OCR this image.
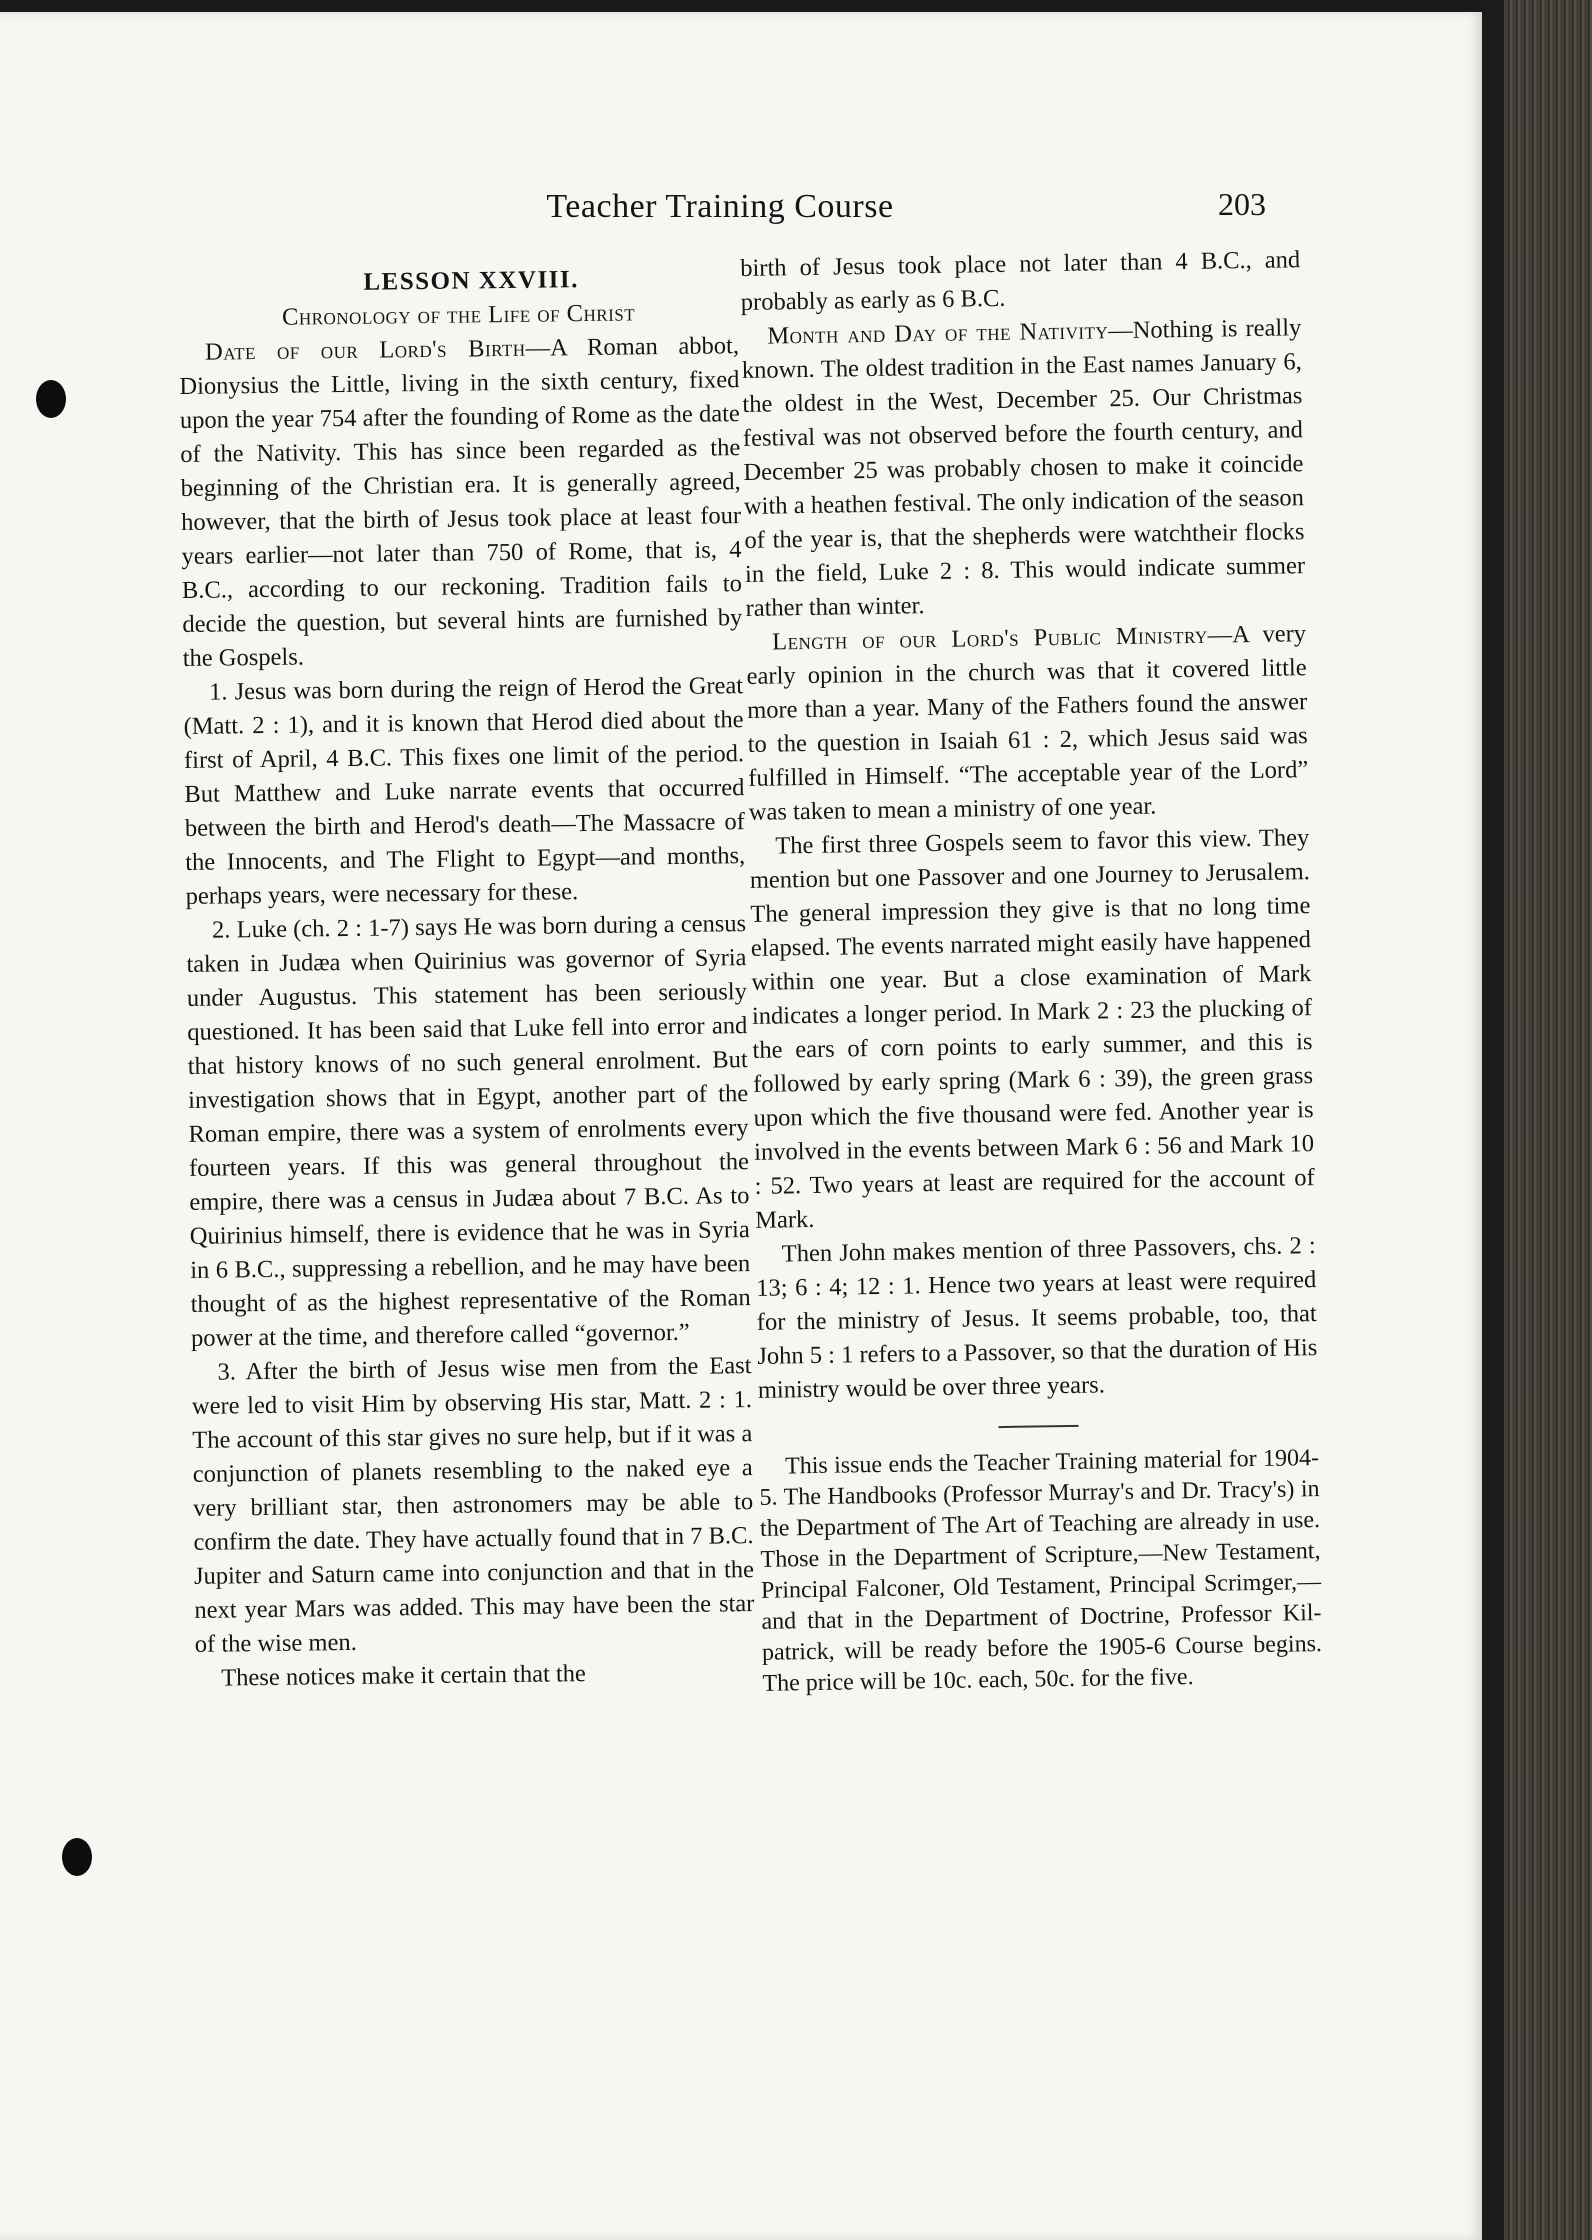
Teacher Training Course	203

LESSON XXVIII.

Chronology of the Life of Christ

Date of our Lord's Birth—A Roman abbot, Dionysius the Little, living in the sixth century, fixed upon the year 754 after the founding of Rome as the date of the Nativity. This has since been regarded as the beginning of the Christian era. It is generally agreed, however, that the birth of Jesus took place at least four years earlier—not later than 750 of Rome, that is, 4 B.C., according to our reckoning. Tradition fails to decide the question, but several hints are furnished by the Gospels.

1. Jesus was born during the reign of Herod the Great (Matt. 2 : 1), and it is known that Herod died about the first of April, 4 B.C. This fixes one limit of the period. But Matthew and Luke narrate events that occurred between the birth and Herod's death—The Massacre of the Innocents, and The Flight to Egypt—and months, perhaps years, were necessary for these.

2. Luke (ch. 2 : 1-7) says He was born during a census taken in Judæa when Quirinius was governor of Syria under Augustus. This statement has been seriously questioned. It has been said that Luke fell into error and that history knows of no such general enrolment. But investigation shows that in Egypt, another part of the Roman empire, there was a system of enrolments every fourteen years. If this was general throughout the empire, there was a census in Judæa about 7 B.C. As to Quirinius himself, there is evidence that he was in Syria in 6 B.C., suppressing a rebellion, and he may have been thought of as the highest representative of the Roman power at the time, and therefore called “governor.”

3. After the birth of Jesus wise men from the East were led to visit Him by observing His star, Matt. 2 : 1. The account of this star gives no sure help, but if it was a conjunction of planets resembling to the naked eye a very brilliant star, then astronomers may be able to confirm the date. They have actually found that in 7 B.C. Jupiter and Saturn came into conjunction and that in the next year Mars was added. This may have been the star of the wise men.

These notices make it certain that the

birth of Jesus took place not later than 4 B.C., and probably as early as 6 B.C.

Month and Day of the Nativity—Nothing is really known. The oldest tradition in the East names January 6, the oldest in the West, December 25. Our Christmas festival was not observed before the fourth century, and December 25 was probably chosen to make it coincide with a heathen festival. The only indication of the season of the year is, that the shepherds were watchtheir flocks in the field, Luke 2 : 8. This would indicate summer rather than winter.

Length of our Lord's Public Ministry—A very early opinion in the church was that it covered little more than a year. Many of the Fathers found the answer to the question in Isaiah 61 : 2, which Jesus said was fulfilled in Himself. “The acceptable year of the Lord” was taken to mean a ministry of one year.

The first three Gospels seem to favor this view. They mention but one Passover and one Journey to Jerusalem. The general impression they give is that no long time elapsed. The events narrated might easily have happened within one year. But a close examination of Mark indicates a longer period. In Mark 2 : 23 the plucking of the ears of corn points to early summer, and this is followed by early spring (Mark 6 : 39), the green grass upon which the five thousand were fed. Another year is involved in the events between Mark 6 : 56 and Mark 10 : 52. Two years at least are required for the account of Mark.

Then John makes mention of three Passovers, chs. 2 : 13; 6 : 4; 12 : 1. Hence two years at least were required for the ministry of Jesus. It seems probable, too, that John 5 : 1 refers to a Passover, so that the duration of His ministry would be over three years.

This issue ends the Teacher Training material for 1904-5. The Handbooks (Professor Murray's and Dr. Tracy's) in the Department of The Art of Teaching are already in use. Those in the Department of Scripture,—New Testament, Principal Falconer, Old Testament, Principal Scrimger,—and that in the Department of Doctrine, Professor Kilpatrick, will be ready before the 1905-6 Course begins. The price will be 10c. each, 50c. for the five.
